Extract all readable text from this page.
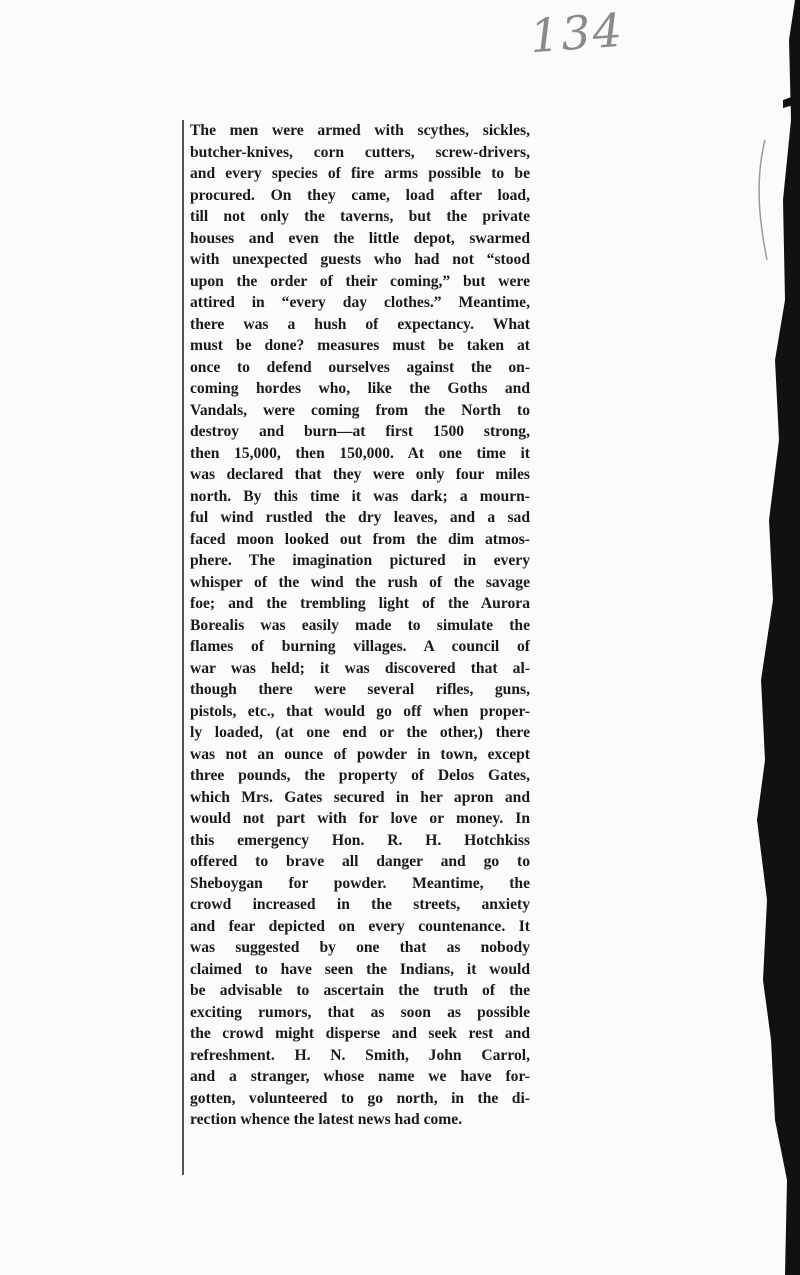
134
The men were armed with scythes, sickles,
butcher-knives, corn cutters, screw-drivers,
and every species of fire arms possible to be
procured. On they came, load after load,
till not only the taverns, but the private
houses and even the little depot, swarmed
with unexpected guests who had not “stood
upon the order of their coming,” but were
attired in “every day clothes.” Meantime,
there was a hush of expectancy. What
must be done? measures must be taken at
once to defend ourselves against the on-
coming hordes who, like the Goths and
Vandals, were coming from the North to
destroy and burn—at first 1500 strong,
then 15,000, then 150,000. At one time it
was declared that they were only four miles
north. By this time it was dark; a mourn-
ful wind rustled the dry leaves, and a sad
faced moon looked out from the dim atmos-
phere. The imagination pictured in every
whisper of the wind the rush of the savage
foe; and the trembling light of the Aurora
Borealis was easily made to simulate the
flames of burning villages. A council of
war was held; it was discovered that al-
though there were several rifles, guns,
pistols, etc., that would go off when proper-
ly loaded, (at one end or the other,) there
was not an ounce of powder in town, except
three pounds, the property of Delos Gates,
which Mrs. Gates secured in her apron and
would not part with for love or money. In
this emergency Hon. R. H. Hotchkiss
offered to brave all danger and go to
Sheboygan for powder. Meantime, the
crowd increased in the streets, anxiety
and fear depicted on every countenance. It
was suggested by one that as nobody
claimed to have seen the Indians, it would
be advisable to ascertain the truth of the
exciting rumors, that as soon as possible
the crowd might disperse and seek rest and
refreshment. H. N. Smith, John Carrol,
and a stranger, whose name we have for-
gotten, volunteered to go north, in the di-
rection whence the latest news had come.
